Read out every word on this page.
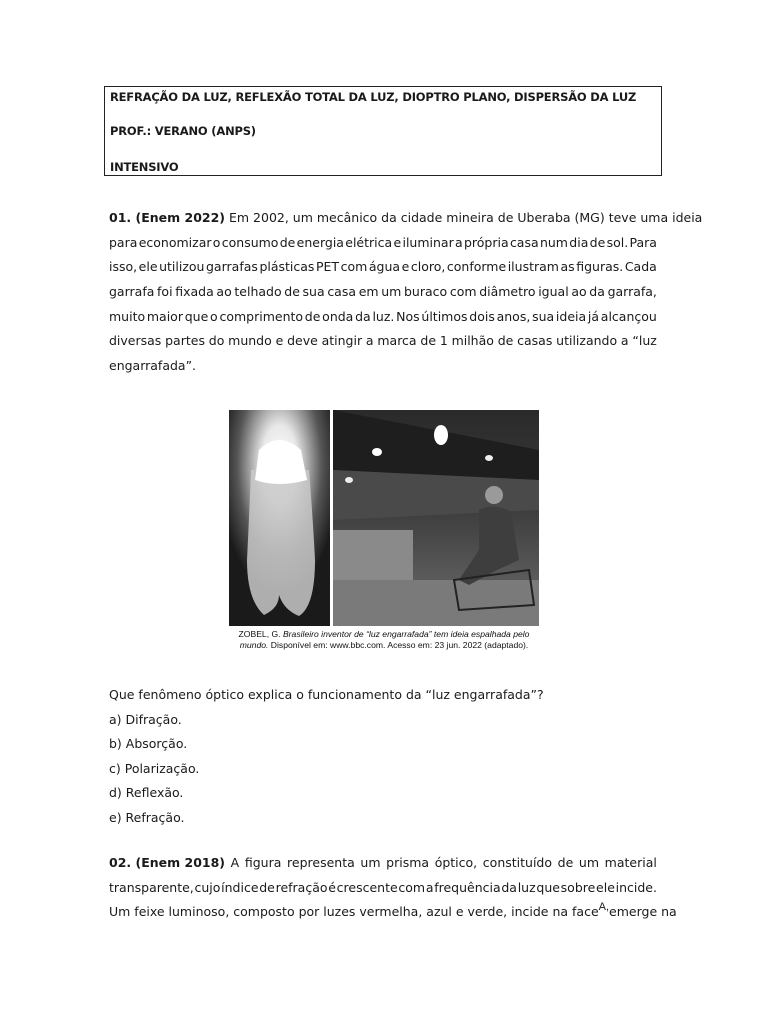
REFRAÇÃO DA LUZ, REFLEXÃO TOTAL DA LUZ, DIOPTRO PLANO, DISPERSÃO DA LUZ
PROF.: VERANO (ANPS)
INTENSIVO
01. (Enem 2022) Em 2002, um mecânico da cidade mineira de Uberaba (MG) teve uma ideia
para economizar o consumo de energia elétrica e iluminar a própria casa num dia de sol. Para
isso, ele utilizou garrafas plásticas PET com água e cloro, conforme ilustram as figuras. Cada
garrafa foi fixada ao telhado de sua casa em um buraco com diâmetro igual ao da garrafa,
muito maior que o comprimento de onda da luz. Nos últimos dois anos, sua ideia já alcançou
diversas partes do mundo e deve atingir a marca de 1 milhão de casas utilizando a “luz
engarrafada”.
ZOBEL, G. Brasileiro inventor de “luz engarrafada” tem ideia espalhada pelo mundo. Disponível em: www.bbc.com. Acesso em: 23 jun. 2022 (adaptado).
Que fenômeno óptico explica o funcionamento da “luz engarrafada”?
a) Difração.
b) Absorção.
c) Polarização.
d) Reflexão.
e) Refração.
02. (Enem 2018) A figura representa um prisma óptico, constituído de um material
transparente, cujo índice de refração é crescente com a frequência da luz que sobre ele incide.
Um feixe luminoso, composto por luzes vermelha, azul e verde, incide na face A, emerge na
